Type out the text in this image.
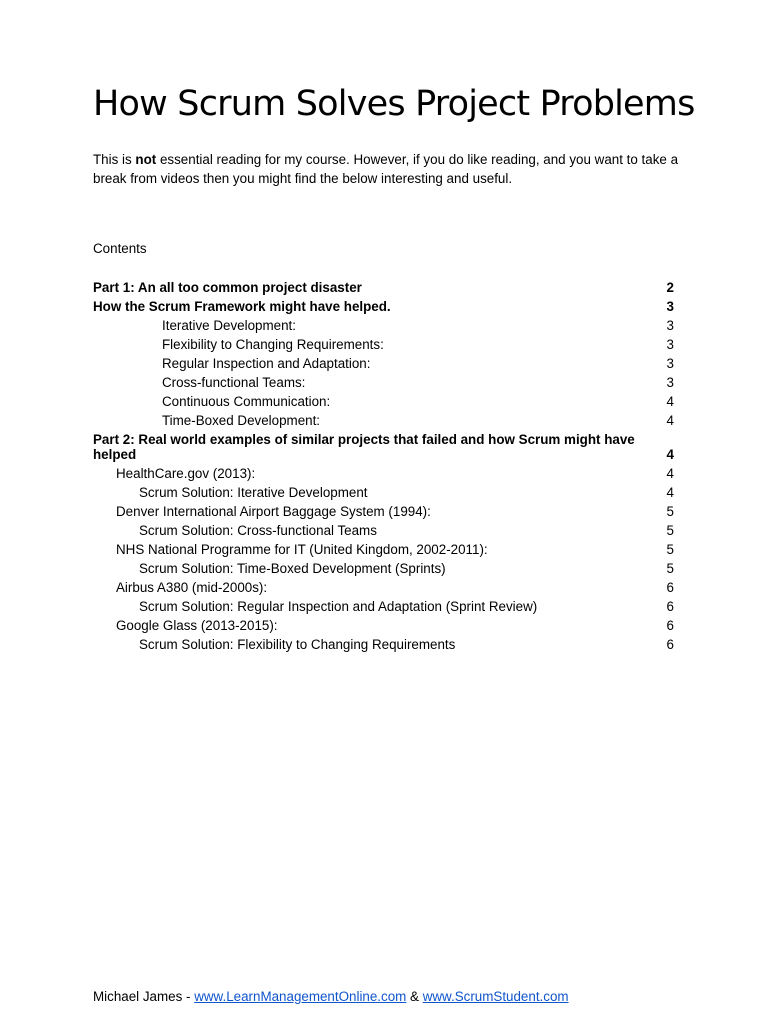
How Scrum Solves Project Problems

This is not essential reading for my course. However, if you do like reading, and you want to take a break from videos then you might find the below interesting and useful.

Contents

Part 1: An all too common project disaster	2
How the Scrum Framework might have helped.	3
Iterative Development:	3
Flexibility to Changing Requirements:	3
Regular Inspection and Adaptation:	3
Cross-functional Teams:	3
Continuous Communication:	4
Time-Boxed Development:	4
Part 2: Real world examples of similar projects that failed and how Scrum might have helped	4
HealthCare.gov (2013):	4
Scrum Solution: Iterative Development	4
Denver International Airport Baggage System (1994):	5
Scrum Solution: Cross-functional Teams	5
NHS National Programme for IT (United Kingdom, 2002-2011):	5
Scrum Solution: Time-Boxed Development (Sprints)	5
Airbus A380 (mid-2000s):	6
Scrum Solution: Regular Inspection and Adaptation (Sprint Review)	6
Google Glass (2013-2015):	6
Scrum Solution: Flexibility to Changing Requirements	6

Michael James - www.LearnManagementOnline.com & www.ScrumStudent.com
